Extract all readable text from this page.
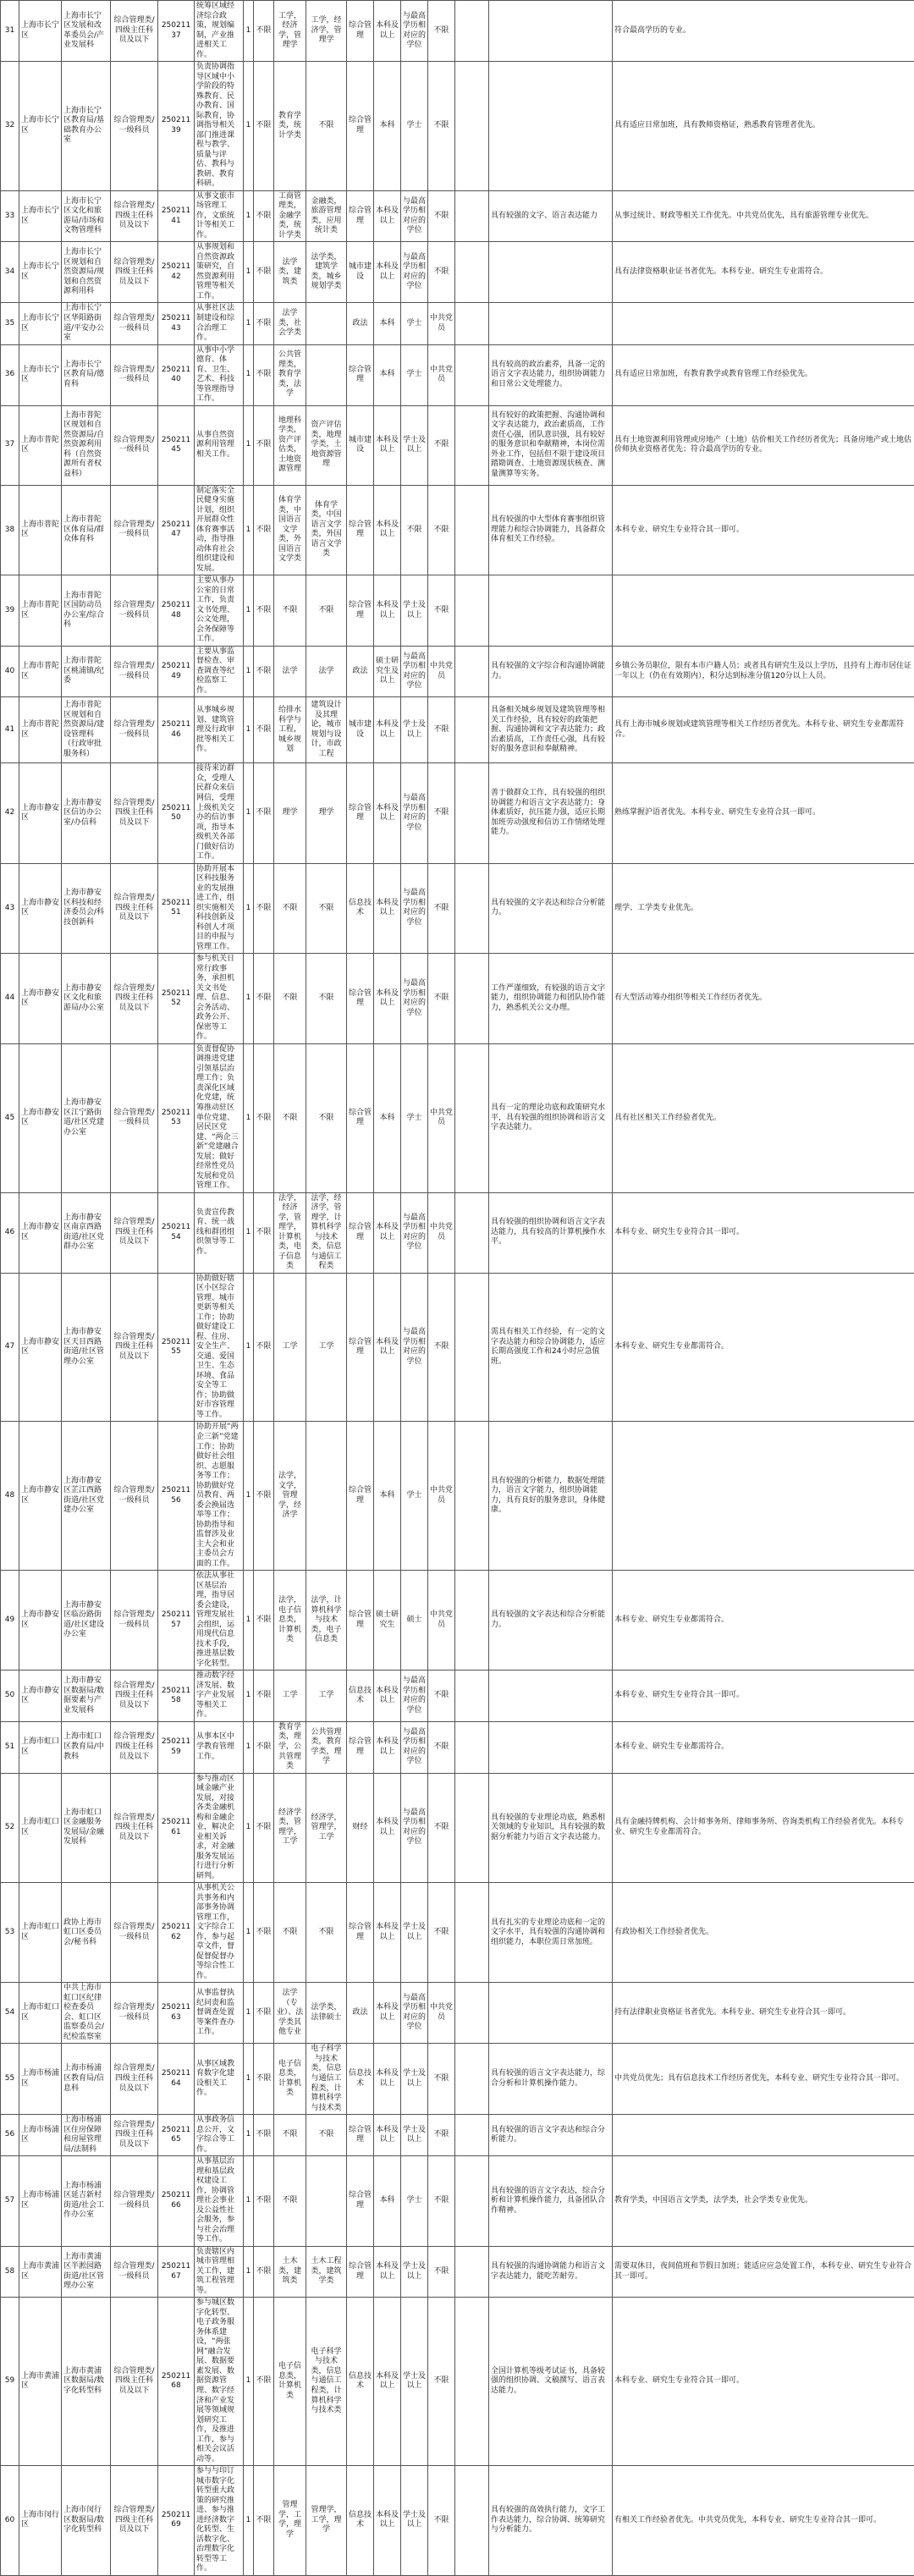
31	上海市长宁区	上海市长宁区发展和改革委员会/产业发展科	综合管理类/四级主任科员及以下	25021137	统筹区域经济综合政策，规划编制，产业推进相关工作。	1	不限	工学，经济学，管理学	工学，经济学，管理学	综合管理	本科及以上	与最高学历相对应的学位	不限			符合最高学历的专业。
32	上海市长宁区	上海市长宁区教育局/基础教育办公室	综合管理类/一级科员	25021139	负责协调指导区域中小学阶段的特殊教育、民办教育、国际教育，协调指导相关部门推进课程与教学、质量与评估、教科与教研、教育科研。	1	不限	教育学类，统计学类	不限	综合管理	本科	学士	不限			具有适应日常加班，具有教师资格证，熟悉教育管理者优先。
33	上海市长宁区	上海市长宁区文化和旅游局/市场和文物管理科	综合管理类/四级主任科员及以下	25021141	从事文旅市场管理工作，文旅统计等相关工作。	1	不限	工商管理类，金融学类，统计学类	金融类，旅游管理类，应用统计类	综合管理	本科及以上	与最高学历相对应的学位	不限		具有较强的文字、语言表达能力	从事过统计、财政等相关工作优先。中共党员优先，具有旅游管理专业优先。
34	上海市长宁区	上海市长宁区规划和自然资源局/规划和自然资源利用科	综合管理类/四级主任科员及以下	25021142	从事规划和自然资源政策研究，自然资源利用管理等相关工作。	1	不限	法学类，建筑类	法学类，建筑学类，城乡规划学类	城市建设	本科及以上	与最高学历相对应的学位	不限			具有法律资格职业证书者优先。本科专业、研究生专业需符合。
35	上海市长宁区	上海市长宁区华阳路街道/平安办公室	综合管理类/一级科员	25021143	从事社区法制建设和综合治理工作。	1	不限	法学类，社会学类		政法	本科	学士	中共党员			
36	上海市长宁区	上海市长宁区教育局/德育科	综合管理类/一级科员	25021140	从事中小学德育、体育、卫生、艺术、科技等管理指导工作。	1	不限	公共管理类，教育学类，法学		综合管理	本科	学士	中共党员		具有较高的政治素养，具备一定的语言文字表达能力，组织协调能力和日常公文处理能力。	具有适应日常加班，有教育教学或教育管理工作经验优先。
37	上海市普陀区	上海市普陀区规划和自然资源局/自然资源利用科（自然资源所有者权益科）	综合管理类/一级科员	25021145	从事自然资源利用管理相关工作。	1	不限	地理科学类，资产评估类，土地资源管理	资产评估类，地理学类，土地资源管理	城市建设	本科及以上	学士及以上	不限		具有较好的政策把握、沟通协调和文字表达能力，政治素质高，工作责任心强，团队意识强，具有较好的服务意识和奉献精神，本岗位需外业工作，包括但不限于建设项目踏勘调查、土地资源现状核查、测量测算等实务。	具有土地资源利用管理或房地产（土地）估价相关工作经历者优先；具备房地产或土地估价师执业资格者优先；符合最高学历的专业。
38	上海市普陀区	上海市普陀区体育局/群众体育科	综合管理类/一级科员	25021147	制定落实全民健身实施计划，组织开展群众性体育赛事活动，指导推动体育社会组织建设和发展。	1	不限	体育学类，中国语言文学类，外国语言文学类	体育学类，中国语言文学类，外国语言文学类	综合管理	本科及以上	不限	不限		具有较强的中大型体育赛事组织管理能力和综合协调能力，具备群众体育相关工作经验。	本科专业、研究生专业符合其一即可。
39	上海市普陀区	上海市普陀区国防动员办公室/综合科	综合管理类/一级科员	25021148	主要从事办公室的日常工作，负责文书处理、公文处理，会务保障等工作。	1	不限	不限	不限	综合管理	本科及以上	学士及以上	不限			
40	上海市普陀区	上海市普陀区桃浦镇/纪委	综合管理类/一级科员	25021149	主要从事监督检查、审查调查等纪检监察工作。	1	不限	法学	法学	政法	硕士研究生及以上	与最高学历相对应的学位	中共党员		具有较强的文字综合和沟通协调能力。	乡镇公务员职位，限有本市户籍人员；或者具有研究生及以上学历，且持有上海市居住证一年以上（仍在有效期内），积分达到标准分值120分以上人员。
41	上海市普陀区	上海市普陀区规划和自然资源局/建设管理科（行政审批服务科）	综合管理类/一级科员	25021146	从事城乡规划、建筑管理及行政审批等相关工作。	1	不限	给排水科学与工程，城乡规划	建筑设计及其理论，城市规划与设计，市政工程	城市建设	本科及以上	学士及以上	不限		具备相关城乡规划及建筑管理等相关工作经验，具有较好的政策把握、沟通协调和文字表达能力；政治素质高，工作责任心强，具有较好的服务意识和奉献精神。	具有上海市城乡规划或建筑管理等相关工作经历者优先。本科专业、研究生专业都需符合。
42	上海市静安区	上海市静安区信访办公室/办信科	综合管理类/四级主任科员及以下	25021150	接待来访群众，受理人民群众来信网信，受理上级机关交办的信访事项，指导本级机关各部门做好信访工作。	1	不限	理学	理学	综合管理	本科及以上	与最高学历相对应的学位	不限		善于做群众工作，具有较强的组织协调能力和语言文字表达能力；身体素质好，抗压能力强，适应长期加班劳动强度和信访工作情绪处理能力。	熟练掌握沪语者优先。本科专业、研究生专业符合其一即可。
43	上海市静安区	上海市静安区科技和经济委员会/科技创新科	综合管理类/四级主任科员及以下	25021151	协助开展本区科技服务业的发展推进工作，组织实施相关科技创新及科创人才项目的申报与管理工作。	1	不限	不限	不限	信息技术	本科及以上	与最高学历相对应的学位	不限		具有较强的文字表达和综合分析能力。	理学、工学类专业优先。
44	上海市静安区	上海市静安区文化和旅游局/办公室	综合管理类/四级主任科员及以下	25021152	参与机关日常行政事务，承担机关文书处理、信息、会务活动、政务公开、保密等工作。	1	不限	不限	不限	综合管理	本科及以上	与最高学历相对应的学位	不限		工作严谨细致，有较强的语言文字能力，组织协调能力和团队协作能力，熟悉机关公文办理。	有大型活动筹办组织等相关工作经历者优先。
45	上海市静安区	上海市静安区江宁路街道/社区党建办公室	综合管理类/一级科员	25021153	负责督促协调推进党建引领基层治理工作；负责深化区域化党建，统筹推动驻区单位党建、居民区党建、“两企三新”党建融合发展；做好经常性党员发展和党员管理工作。	1	不限	不限	不限	综合管理	本科	学士	中共党员		具有一定的理论功底和政策研究水平，具有较强的组织协调和语言文字表达能力。	具有社区相关工作经验者优先。
46	上海市静安区	上海市静安区南京西路街道/社区党群办公室	综合管理类/四级主任科员及以下	25021154	负责宣传教育、统一战线和群团组织领导等工作。	1	不限	法学，经济学，管理学，计算机类，电子信息类	法学，经济学，管理学，计算机科学与技术类，信息与通信工程类	综合管理	本科及以上	与最高学历相对应的学位	中共党员		具有较强的组织协调和语言文字表达能力，具有较高的计算机操作水平。	本科专业、研究生专业符合其一即可。
47	上海市静安区	上海市静安区天目西路街道/社区管理办公室	综合管理类/四级主任科员及以下	25021155	协助做好辖区小区综合管理、城市更新等相关工作；协助做好建设工程、住房、安全生产、交通、爱国卫生、生态环境、食品安全等工作；协助做好市容管理等工作。	1	不限	工学	工学	综合管理	本科及以上	与最高学历相对应的学位	不限		需具有相关工作经验，有一定的文字表达能力和综合协调能力，适应长期高强度工作和24小时应急值班。	本科专业、研究生专业都需符合。
48	上海市静安区	上海市静安区芷江西路街道/社区党建办公室	综合管理类/一级科员	25021156	协助开展“两企三新”党建工作；协助做好社会组织、志愿服务等工作；协助做好党员教育、两委会换届选举等工作；协助指导和监督涉及业主大会和业主委员会方面的工作。	1	不限	法学，文学，管理学，经济学		综合管理	本科	学士	中共党员		具有较强的分析能力，数据处理能力，语言文字能力，组织协调能力，具有良好的服务意识，身体健康。	
49	上海市静安区	上海市静安区临汾路街道/社区建设办公室	综合管理类/一级科员	25021157	依法从事社区基层治理，指导居委会建设，管理发展社会组织，运用现代信息技术手段，推进基层数字化转型。	1	不限	法学，电子信息类，计算机类	法学，计算机科学与技术类，电子信息类	综合管理	硕士研究生	硕士	中共党员		具有较强的文字表达和综合分析能力。	本科专业、研究生专业都需符合。
50	上海市静安区	上海市静安区数据局/数据要素与产业发展科	综合管理类/四级主任科员及以下	25021158	推动数字经济发展、数字产业发展等相关工作。	1	不限	工学	工学	信息技术	本科及以上	与最高学历相对应的学位	不限			本科专业、研究生专业符合其一即可。
51	上海市虹口区	上海市虹口区教育局/中教科	综合管理类/四级主任科员及以下	25021159	从事本区中学教育管理工作。	1	不限	教育学类，理学，公共管理类	公共管理类，教育学类，理学	综合管理	本科及以上	与最高学历相对应的学位	不限			本科专业、研究生专业都需符合。
52	上海市虹口区	上海市虹口区金融服务发展局/金融发展科	综合管理类/四级主任科员及以下	25021161	参与推动区域金融产业发展，对接各类金融机构和金融企业，解决企业相关诉求，对金融服务发展运行进行分析研判。	1	不限	经济学类，管理学，工学	经济学，管理学，工学	财经	本科及以上	与最高学历相对应的学位	不限		具有较强的专业理论功底，熟悉相关领域的专业知识，具有较强的数据分析能力与语言文字表达能力。	具有金融持牌机构、会计师事务所、律师事务所、咨询类机构工作经验者优先。本科专业、研究生专业都需符合。
53	上海市虹口区	政协上海市虹口区委员会/秘书科	综合管理类/一级科员	25021162	从事机关公共事务和内部事务协调管理工作，文字综合工作，参与起草文件，督促督促督办等综合性工作。	1	不限	不限	不限	综合管理	本科及以上	学士及以上	不限		具有扎实的专业理论功底和一定的文字水平，具有较强的沟通协调和组织能力，本职位需日常加班。	有政协相关工作经验者优先。
54	上海市虹口区	中共上海市虹口区纪律检查委员会、虹口区监察委员会/纪检监察室	综合管理类/一级科员	25021163	从事监督执纪问责和监督调查处置等案件查办工作。	1	不限	法学（专业）、法学类其他专业	法学类，法律硕士	政法	本科及以上	与最高学历相对应的学位	中共党员			持有法律职业资格证书者优先。本科专业、研究生专业符合其一即可。
55	上海市杨浦区	上海市杨浦区教育局/信息科	综合管理类/四级主任科员及以下	25021164	从事区域教育数字化建设相关工作。	1	不限	电子信息类，计算机类	电子科学与技术类，信息与通信工程类，计算机科学与技术类	信息技术	本科及以上	学士及以上	不限		具有较强的语言文字表达能力，综合分析和计算机操作能力。	中共党员优先；具有信息技术工作经历者优先，本科专业、研究生专业符合其一即可。
56	上海市杨浦区	上海市杨浦区住房保障和房屋管理局/法制科	综合管理类/四级主任科员及以下	25021165	从事政务信息公开，文字综合等工作。	1	不限	不限	不限	综合管理	本科及以上	学士及以上	不限		具有较强的语言文字表达和综合分析能力。	
57	上海市杨浦区	上海市杨浦区延吉新村街道/社会工作办公室	综合管理类/一级科员	25021166	从事基层治理和基层政权建设工作，协调管理社会事业及公益性社会服务，参与社会治理等工作。	1	不限	不限		综合管理	本科	学士	不限		具有较强的语言文字表达，综合分析和计算机操作能力，具备团队合作精神。	教育学类，中国语言文学类，法学类，社会学类专业优先。
58	上海市黄浦区	上海市黄浦区半淞园路街道/社区管理办公室	综合管理类/一级科员	25021167	负责辖区内城市管理相关工作，建筑工程管理等。	1	不限	土木类，建筑类	土木工程类，建筑学类	综合管理	本科及以上	学士及以上	不限		具有较强的沟通协调能力和语言文字表达能力，能吃苦耐劳。	需要双休日，夜间值班和节假日加班；能适应应急处置工作，本科专业、研究生专业符合其一即可。
59	上海市黄浦区	上海市黄浦区数据局/数字化转型科	综合管理类/四级主任科员及以下	25021168	参与城区数字化转型、电子政务服务体系建设，“两张网”融合发展、数据要素发展、数据资源管理、数字经济和产业发展等领域规划研究工作，及推进工作，参与相关会议活动等。	1	不限	电子信息类，计算机类	电子科学与技术类，信息与通信工程类，计算机科学与技术类	信息技术	本科及以上	学士及以上	不限		全国计算机等级考试证书，具备较强的组织协调、文稿撰写、语言表达能力。	本科专业、研究生专业符合其一即可。
60	上海市闵行区	上海市闵行区数据局/数字化转型科	综合管理类/四级主任科员及以下	25021169	参与与印订城市数字化转型重大政策的研究推进、参与推进经济数字化转型、生活数字化、治理数字化转型等工作。	1	不限	管理学，工学，理学	管理学，工学，理学	信息技术	本科及以上	学士及以上	不限		具有较强的高效执行能力，文字工作表达能力，综合协调、统筹研究与分析能力。	有相关工作经验者优先。中共党员优先，本科专业、研究生专业符合其一即可。
